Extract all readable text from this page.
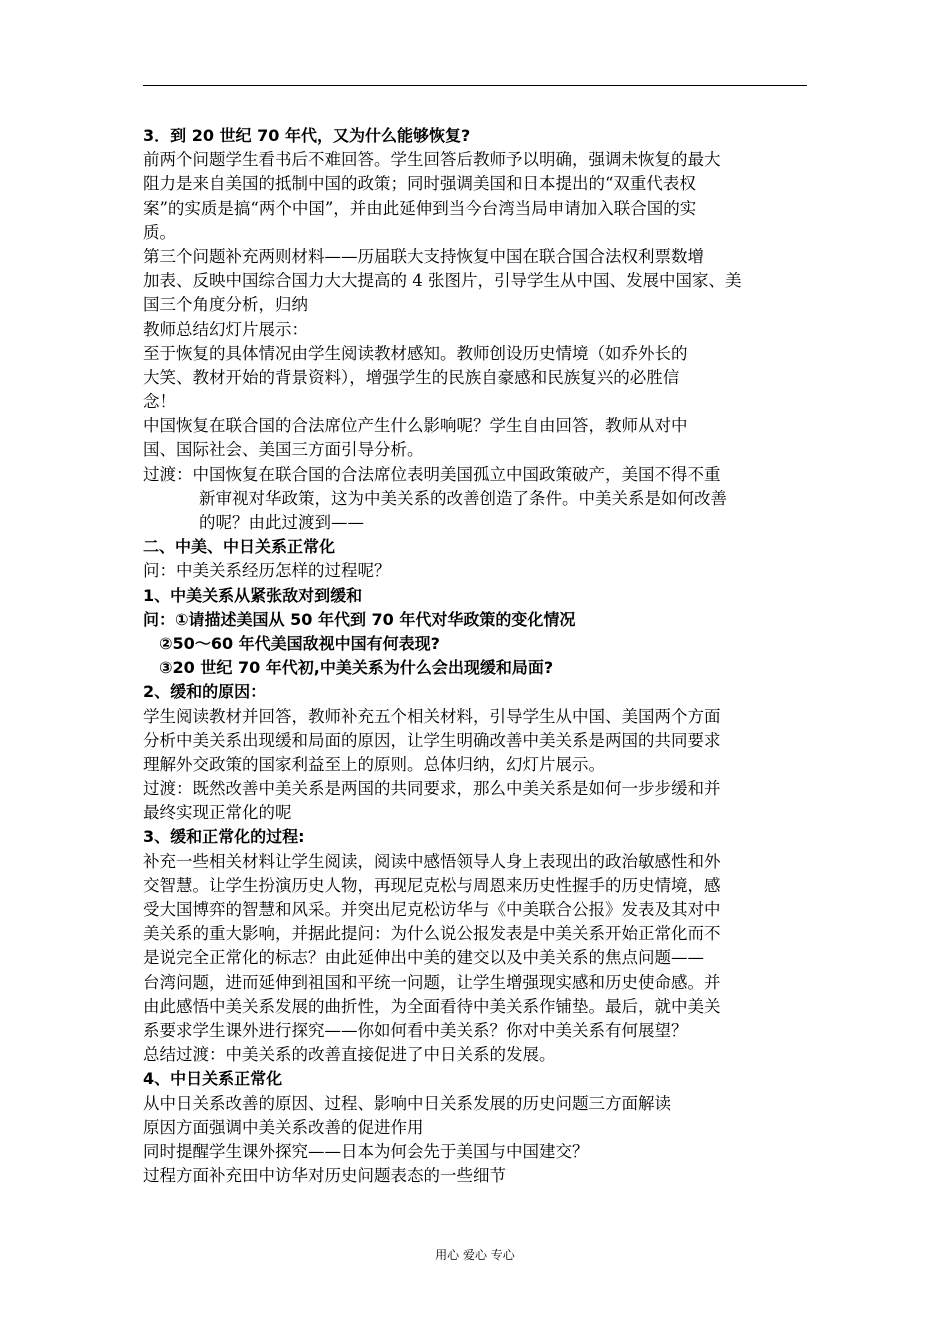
3．到 20 世纪 70 年代，又为什么能够恢复?
前两个问题学生看书后不难回答。学生回答后教师予以明确，强调未恢复的最大
阻力是来自美国的抵制中国的政策；同时强调美国和日本提出的“双重代表权
案”的实质是搞“两个中国”，并由此延伸到当今台湾当局申请加入联合国的实
质。
第三个问题补充两则材料——历届联大支持恢复中国在联合国合法权利票数增
加表、反映中国综合国力大大提高的 4 张图片，引导学生从中国、发展中国家、美
国三个角度分析，归纳
教师总结幻灯片展示：
至于恢复的具体情况由学生阅读教材感知。教师创设历史情境（如乔外长的
大笑、教材开始的背景资料），增强学生的民族自豪感和民族复兴的必胜信
念！
中国恢复在联合国的合法席位产生什么影响呢？学生自由回答，教师从对中
国、国际社会、美国三方面引导分析。
过渡：中国恢复在联合国的合法席位表明美国孤立中国政策破产，美国不得不重
新审视对华政策，这为中美关系的改善创造了条件。中美关系是如何改善
的呢？由此过渡到——
二、中美、中日关系正常化
问：中美关系经历怎样的过程呢？
1、中美关系从紧张敌对到缓和
问：①请描述美国从 50 年代到 70 年代对华政策的变化情况
②50～60 年代美国敌视中国有何表现?
③20 世纪 70 年代初,中美关系为什么会出现缓和局面?
2、缓和的原因：
学生阅读教材并回答，教师补充五个相关材料，引导学生从中国、美国两个方面
分析中美关系出现缓和局面的原因，让学生明确改善中美关系是两国的共同要求
理解外交政策的国家利益至上的原则。总体归纳，幻灯片展示。
过渡：既然改善中美关系是两国的共同要求，那么中美关系是如何一步步缓和并
最终实现正常化的呢
3、缓和正常化的过程:
补充一些相关材料让学生阅读，阅读中感悟领导人身上表现出的政治敏感性和外
交智慧。让学生扮演历史人物，再现尼克松与周恩来历史性握手的历史情境，感
受大国博弈的智慧和风采。并突出尼克松访华与《中美联合公报》发表及其对中
美关系的重大影响，并据此提问：为什么说公报发表是中美关系开始正常化而不
是说完全正常化的标志？由此延伸出中美的建交以及中美关系的焦点问题——
台湾问题，进而延伸到祖国和平统一问题，让学生增强现实感和历史使命感。并
由此感悟中美关系发展的曲折性，为全面看待中美关系作铺垫。最后，就中美关
系要求学生课外进行探究——你如何看中美关系？你对中美关系有何展望？
总结过渡：中美关系的改善直接促进了中日关系的发展。
4、中日关系正常化
从中日关系改善的原因、过程、影响中日关系发展的历史问题三方面解读
原因方面强调中美关系改善的促进作用
同时提醒学生课外探究——日本为何会先于美国与中国建交？
过程方面补充田中访华对历史问题表态的一些细节
用心 爱心 专心
